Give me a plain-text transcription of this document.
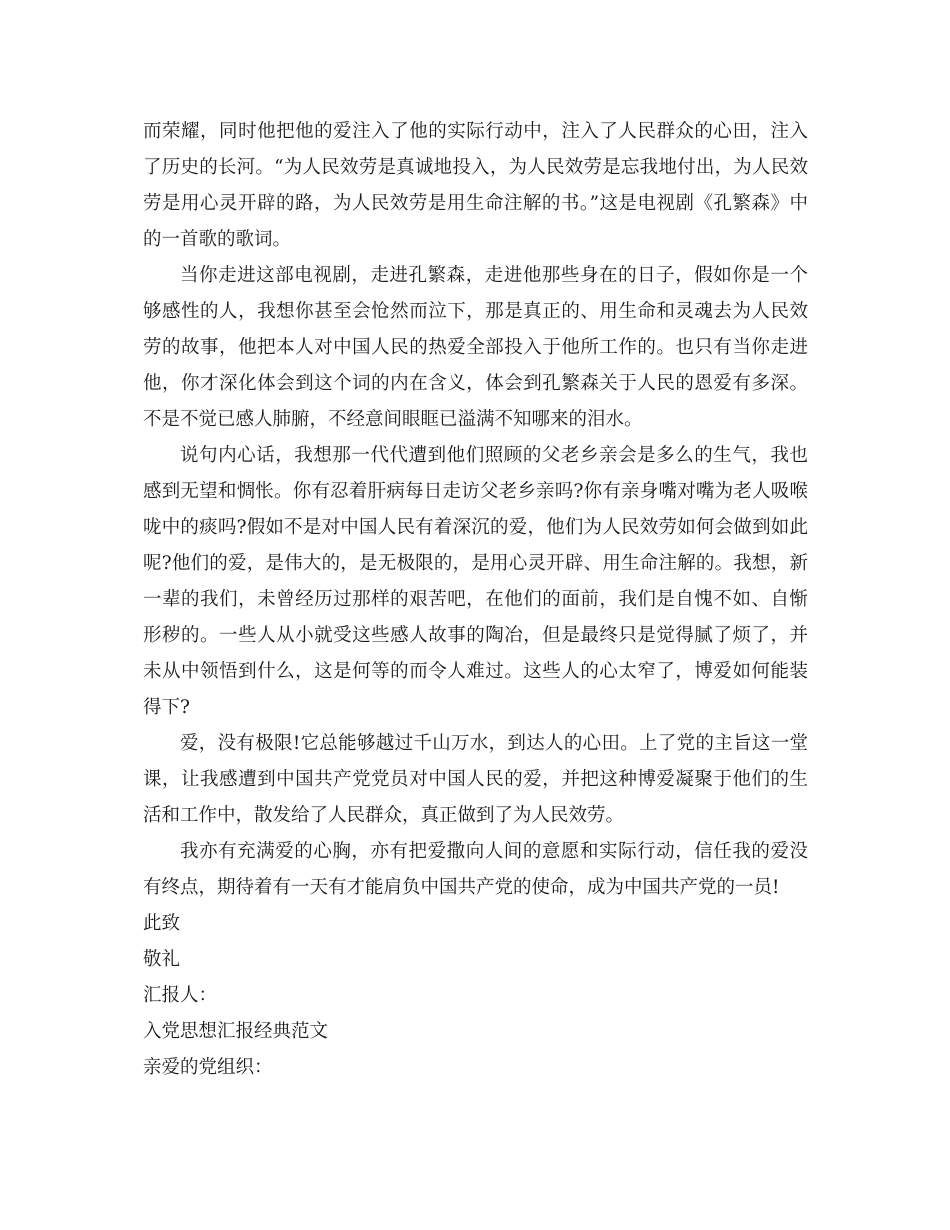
而荣耀，同时他把他的爱注入了他的实际行动中，注入了人民群众的心田，注入了历史的长河。“为人民效劳是真诚地投入，为人民效劳是忘我地付出，为人民效劳是用心灵开辟的路，为人民效劳是用生命注解的书。”这是电视剧《孔繁森》中的一首歌的歌词。

当你走进这部电视剧，走进孔繁森，走进他那些身在的日子，假如你是一个够感性的人，我想你甚至会怆然而泣下，那是真正的、用生命和灵魂去为人民效劳的故事，他把本人对中国人民的热爱全部投入于他所工作的。也只有当你走进他，你才深化体会到这个词的内在含义，体会到孔繁森关于人民的恩爱有多深。不是不觉已感人肺腑，不经意间眼眶已溢满不知哪来的泪水。

说句内心话，我想那一代代遭到他们照顾的父老乡亲会是多么的生气，我也感到无望和惆怅。你有忍着肝病每日走访父老乡亲吗?你有亲身嘴对嘴为老人吸喉咙中的痰吗?假如不是对中国人民有着深沉的爱，他们为人民效劳如何会做到如此呢?他们的爱，是伟大的，是无极限的，是用心灵开辟、用生命注解的。我想，新一辈的我们，未曾经历过那样的艰苦吧，在他们的面前，我们是自愧不如、自惭形秽的。一些人从小就受这些感人故事的陶冶，但是最终只是觉得腻了烦了，并未从中领悟到什么，这是何等的而令人难过。这些人的心太窄了，博爱如何能装得下?

爱，没有极限!它总能够越过千山万水，到达人的心田。上了党的主旨这一堂课，让我感遭到中国共产党党员对中国人民的爱，并把这种博爱凝聚于他们的生活和工作中，散发给了人民群众，真正做到了为人民效劳。

我亦有充满爱的心胸，亦有把爱撒向人间的意愿和实际行动，信任我的爱没有终点，期待着有一天有才能肩负中国共产党的使命，成为中国共产党的一员!

此致

敬礼

汇报人：

入党思想汇报经典范文

亲爱的党组织：
